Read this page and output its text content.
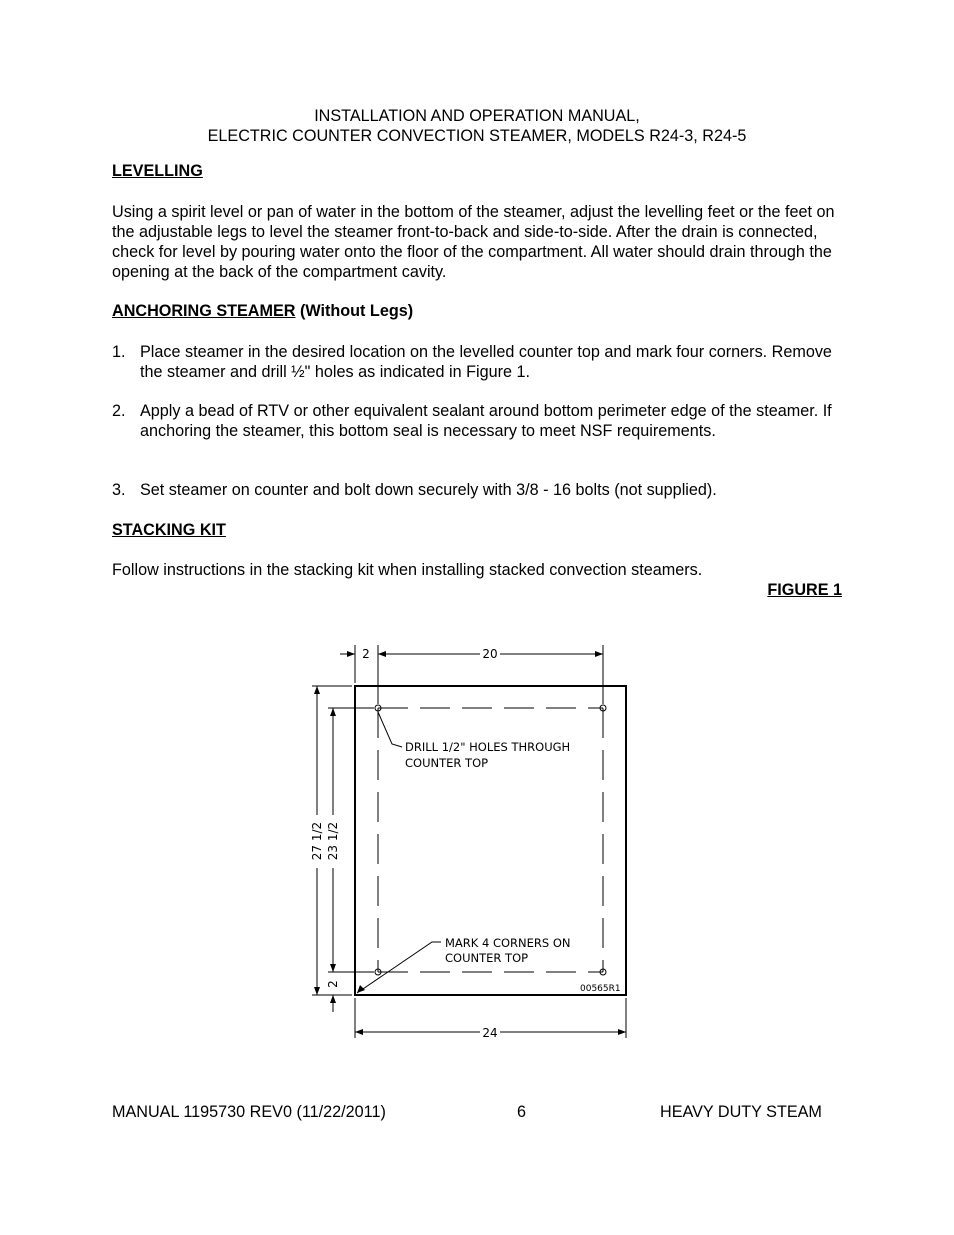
INSTALLATION AND OPERATION MANUAL,
ELECTRIC COUNTER CONVECTION STEAMER, MODELS R24-3, R24-5
LEVELLING
Using a spirit level or pan of water in the bottom of the steamer, adjust the levelling feet or the feet on the adjustable legs to level the steamer front-to-back and side-to-side. After the drain is connected, check for level by pouring water onto the floor of the compartment. All water should drain through the opening at the back of the compartment cavity.
ANCHORING STEAMER (Without Legs)
1. Place steamer in the desired location on the levelled counter top and mark four corners. Remove the steamer and drill ½" holes as indicated in Figure 1.
2. Apply a bead of RTV or other equivalent sealant around bottom perimeter edge of the steamer. If anchoring the steamer, this bottom seal is necessary to meet NSF requirements.
3. Set steamer on counter and bolt down securely with 3/8 - 16 bolts (not supplied).
STACKING KIT
Follow instructions in the stacking kit when installing stacked convection steamers.
FIGURE 1
2	20
24
27 1/2 23 1/2
2
DRILL 1/2" HOLES THROUGH
COUNTER TOP
MARK 4 CORNERS ON
COUNTER TOP
00565R1
MANUAL 1195730 REV0 (11/22/2011)	6	HEAVY DUTY STEAM
